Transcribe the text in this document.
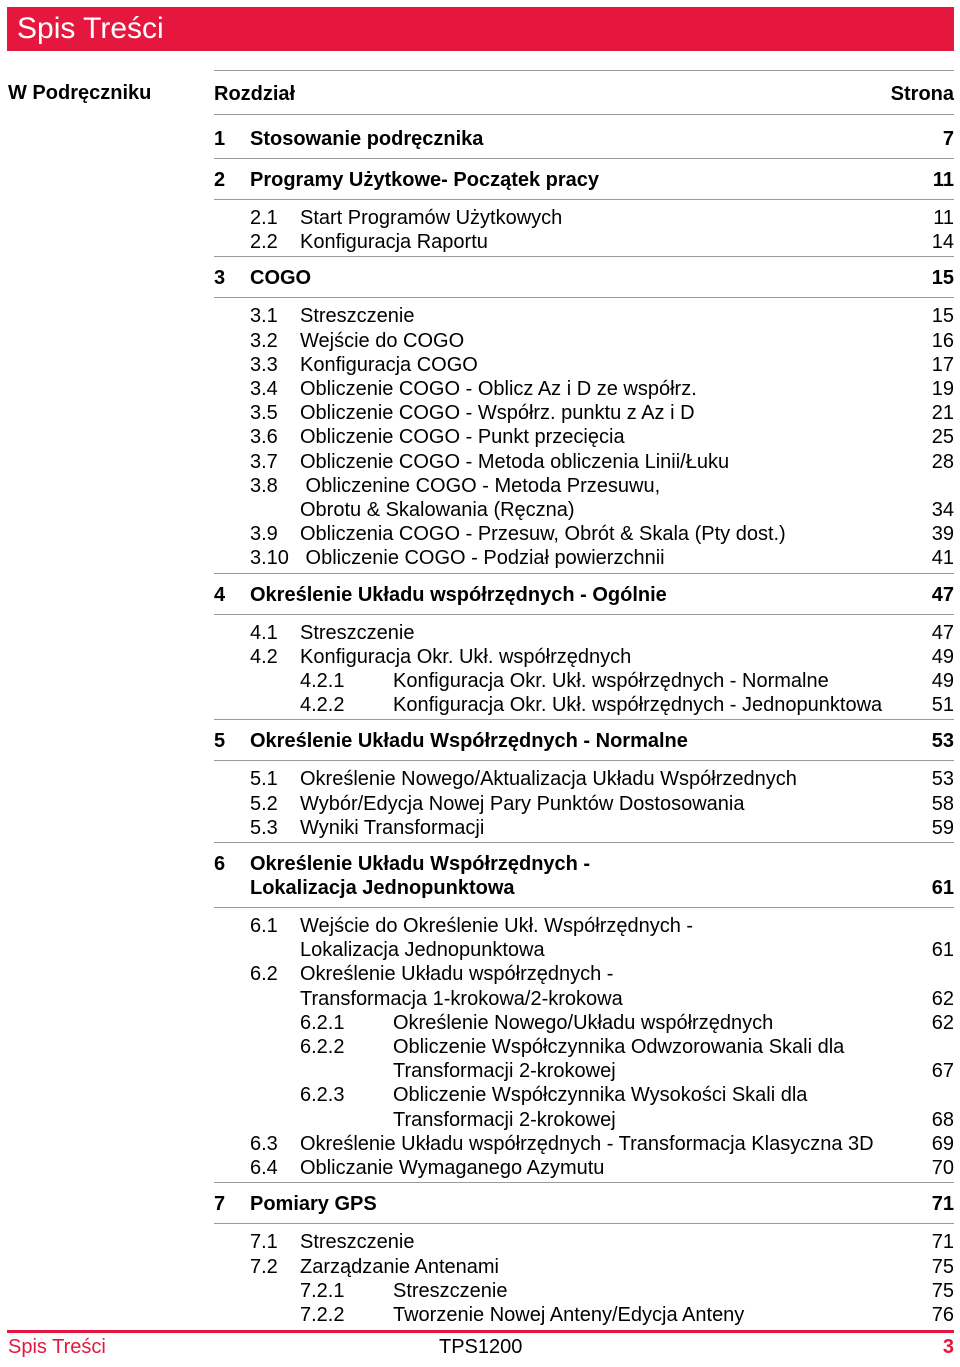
Spis Treści
W Podręczniku	Rozdział	Strona
1 Stosowanie podręcznika	7
2 Programy Użytkowe- Początek pracy	11
2.1 Start Programów Użytkowych	11
2.2 Konfiguracja Raportu	14
3 COGO	15
3.1 Streszczenie	15
3.2 Wejście do COGO	16
3.3 Konfiguracja COGO	17
3.4 Obliczenie COGO - Oblicz Az i D ze współrz.	19
3.5 Obliczenie COGO - Współrz. punktu z Az i D	21
3.6 Obliczenie COGO - Punkt przecięcia	25
3.7 Obliczenie COGO - Metoda obliczenia Linii/Łuku	28
3.8 Obliczenine COGO - Metoda Przesuwu,
Obrotu & Skalowania (Ręczna)	34
3.9 Obliczenia COGO - Przesuw, Obrót & Skala (Pty dost.)	39
3.10 Obliczenie COGO - Podział powierzchnii	41
4 Określenie Układu współrzędnych - Ogólnie	47
4.1 Streszczenie	47
4.2 Konfiguracja Okr. Ukł. współrzędnych	49
4.2.1 Konfiguracja Okr. Ukł. współrzędnych - Normalne	49
4.2.2 Konfiguracja Okr. Ukł. współrzędnych - Jednopunktowa	51
5 Określenie Układu Współrzędnych - Normalne	53
5.1 Określenie Nowego/Aktualizacja Układu Współrzednych	53
5.2 Wybór/Edycja Nowej Pary Punktów Dostosowania	58
5.3 Wyniki Transformacji	59
6 Określenie Układu Współrzędnych -
Lokalizacja Jednopunktowa	61
6.1 Wejście do Określenie Ukł. Współrzędnych -
Lokalizacja Jednopunktowa	61
6.2 Określenie Układu współrzędnych -
Transformacja 1-krokowa/2-krokowa	62
6.2.1 Określenie Nowego/Układu współrzędnych	62
6.2.2 Obliczenie Współczynnika Odwzorowania Skali dla
Transformacji 2-krokowej	67
6.2.3 Obliczenie Współczynnika Wysokości Skali dla
Transformacji 2-krokowej	68
6.3 Określenie Układu współrzędnych - Transformacja Klasyczna 3D	69
6.4 Obliczanie Wymaganego Azymutu	70
7 Pomiary GPS	71
7.1 Streszczenie	71
7.2 Zarządzanie Antenami	75
7.2.1 Streszczenie	75
7.2.2 Tworzenie Nowej Anteny/Edycja Anteny	76
Spis Treści	TPS1200	3
